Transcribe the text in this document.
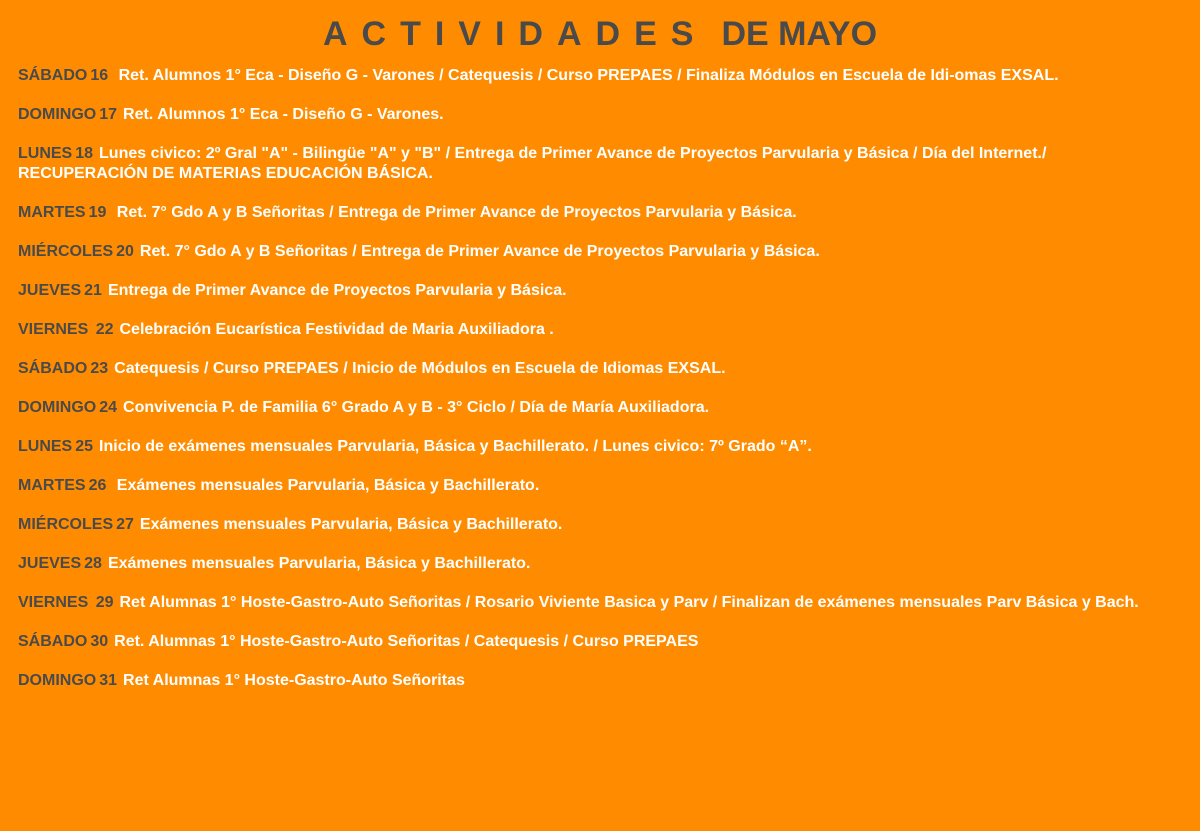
ACTIVIDADES DE MAYO
SÁBADO 16 Ret. Alumnos 1° Eca - Diseño G - Varones / Catequesis / Curso PREPAES / Finaliza Módulos en Escuela de Idi-omas EXSAL.
DOMINGO 17 Ret. Alumnos 1° Eca - Diseño G - Varones.
LUNES 18 Lunes civico: 2º Gral "A" - Bilingüe "A" y "B" / Entrega de Primer Avance de Proyectos Parvularia y Básica / Día del Internet./ RECUPERACIÓN DE MATERIAS EDUCACIÓN BÁSICA.
MARTES 19 Ret. 7° Gdo A y B Señoritas / Entrega de Primer Avance de Proyectos Parvularia y Básica.
MIÉRCOLES 20 Ret. 7° Gdo A y B Señoritas / Entrega de Primer Avance de Proyectos Parvularia y Básica.
JUEVES 21 Entrega de Primer Avance de Proyectos Parvularia y Básica.
VIERNES 22 Celebración Eucarística Festividad de Maria Auxiliadora .
SÁBADO 23 Catequesis / Curso PREPAES / Inicio de Módulos en Escuela de Idiomas EXSAL.
DOMINGO 24 Convivencia P. de Familia 6° Grado A y B - 3° Ciclo / Día de María Auxiliadora.
LUNES 25 Inicio de exámenes mensuales Parvularia, Básica y Bachillerato. / Lunes civico: 7º Grado “A”.
MARTES 26 Exámenes mensuales Parvularia, Básica y Bachillerato.
MIÉRCOLES 27 Exámenes mensuales Parvularia, Básica y Bachillerato.
JUEVES 28 Exámenes mensuales Parvularia, Básica y Bachillerato.
VIERNES 29 Ret Alumnas 1° Hoste-Gastro-Auto Señoritas / Rosario Viviente Basica y Parv / Finalizan de exámenes mensuales Parv Básica y Bach.
SÁBADO 30 Ret. Alumnas 1° Hoste-Gastro-Auto Señoritas / Catequesis / Curso PREPAES
DOMINGO 31 Ret Alumnas 1° Hoste-Gastro-Auto Señoritas
